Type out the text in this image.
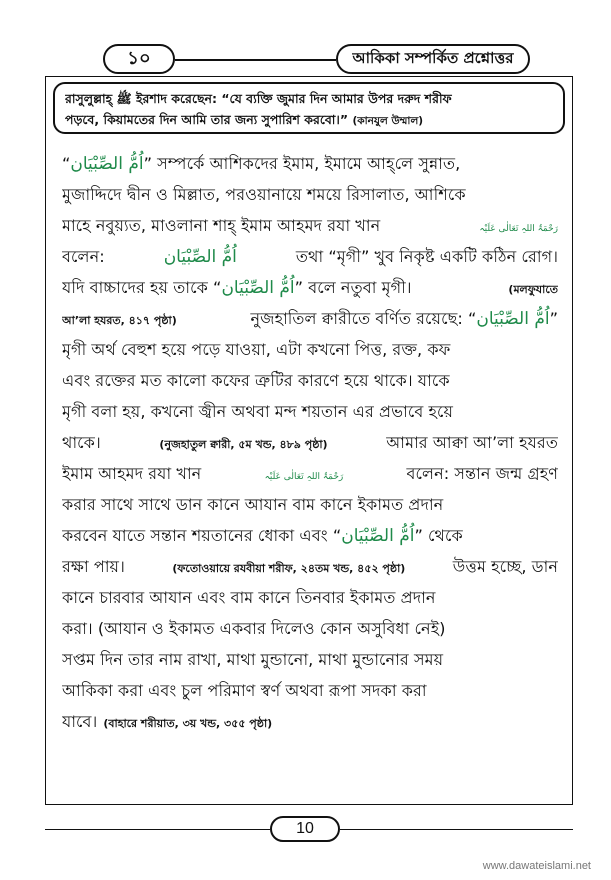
১০	আকিকা সম্পর্কিত প্রশ্নোত্তর
রাসুলুল্লাহ্ ﷺ ইরশাদ করেছেন: “যে ব্যক্তি জুমার দিন আমার উপর দরুদ শরীফ
পড়বে, কিয়ামতের দিন আমি তার জন্য সুপারিশ করবো।” (কানযুল উম্মাল)
“اُمُّ الصِّبْيَان” সম্পর্কে আশিকদের ইমাম, ইমামে আহ্‌লে সুন্নাত,
মুজাদ্দিদে দ্বীন ও মিল্লাত, পরওয়ানায়ে শময়ে রিসালাত, আশিকে
মাহে নবুয়্যত, মাওলানা শাহ্ ইমাম আহমদ রযা খান	رَحْمَۃُ اللہِ تَعَالٰی عَلَیْہ
বলেন:	اُمُّ الصِّبْيَان	তথা “মৃগী” খুব নিকৃষ্ট একটি কঠিন রোগ।
যদি বাচ্চাদের হয় তাকে “اُمُّ الصِّبْيَان” বলে নতুবা মৃগী।	(মলফুযাতে
আ’লা হযরত, ৪১৭ পৃষ্ঠা)	নুজহাতিল ক্বারীতে বর্ণিত রয়েছে: “اُمُّ الصِّبْيَان”
মৃগী অর্থ বেহুশ হয়ে পড়ে যাওয়া, এটা কখনো পিত্ত, রক্ত, কফ
এবং রক্তের মত কালো কফের ত্রুটির কারণে হয়ে থাকে। যাকে
মৃগী বলা হয়, কখনো জ্বীন অথবা মন্দ শয়তান এর প্রভাবে হয়ে
থাকে।	(নুজহাতুল ক্বারী, ৫ম খন্ড, ৪৮৯ পৃষ্ঠা)	আমার আক্বা আ’লা হযরত
ইমাম আহমদ রযা খান	رَحْمَۃُ اللہِ تَعَالٰی عَلَیْہ	বলেন: সন্তান জন্ম গ্রহণ
করার সাথে সাথে ডান কানে আযান বাম কানে ইকামত প্রদান
করবেন যাতে সন্তান শয়তানের ধোকা এবং “اُمُّ الصِّبْيَان” থেকে
রক্ষা পায়।	(ফতোওয়ায়ে রযবীয়া শরীফ, ২৪তম খন্ড, ৪৫২ পৃষ্ঠা)	উত্তম হচ্ছে, ডান
কানে চারবার আযান এবং বাম কানে তিনবার ইকামত প্রদান
করা। (আযান ও ইকামত একবার দিলেও কোন অসুবিধা নেই)
সপ্তম দিন তার নাম রাখা, মাথা মুন্ডানো, মাথা মুন্ডানোর সময়
আকিকা করা এবং চুল পরিমাণ স্বর্ণ অথবা রূপা সদকা করা
যাবে। (বাহারে শরীয়াত, ৩য় খন্ড, ৩৫৫ পৃষ্ঠা)
10
www.dawateislami.net
